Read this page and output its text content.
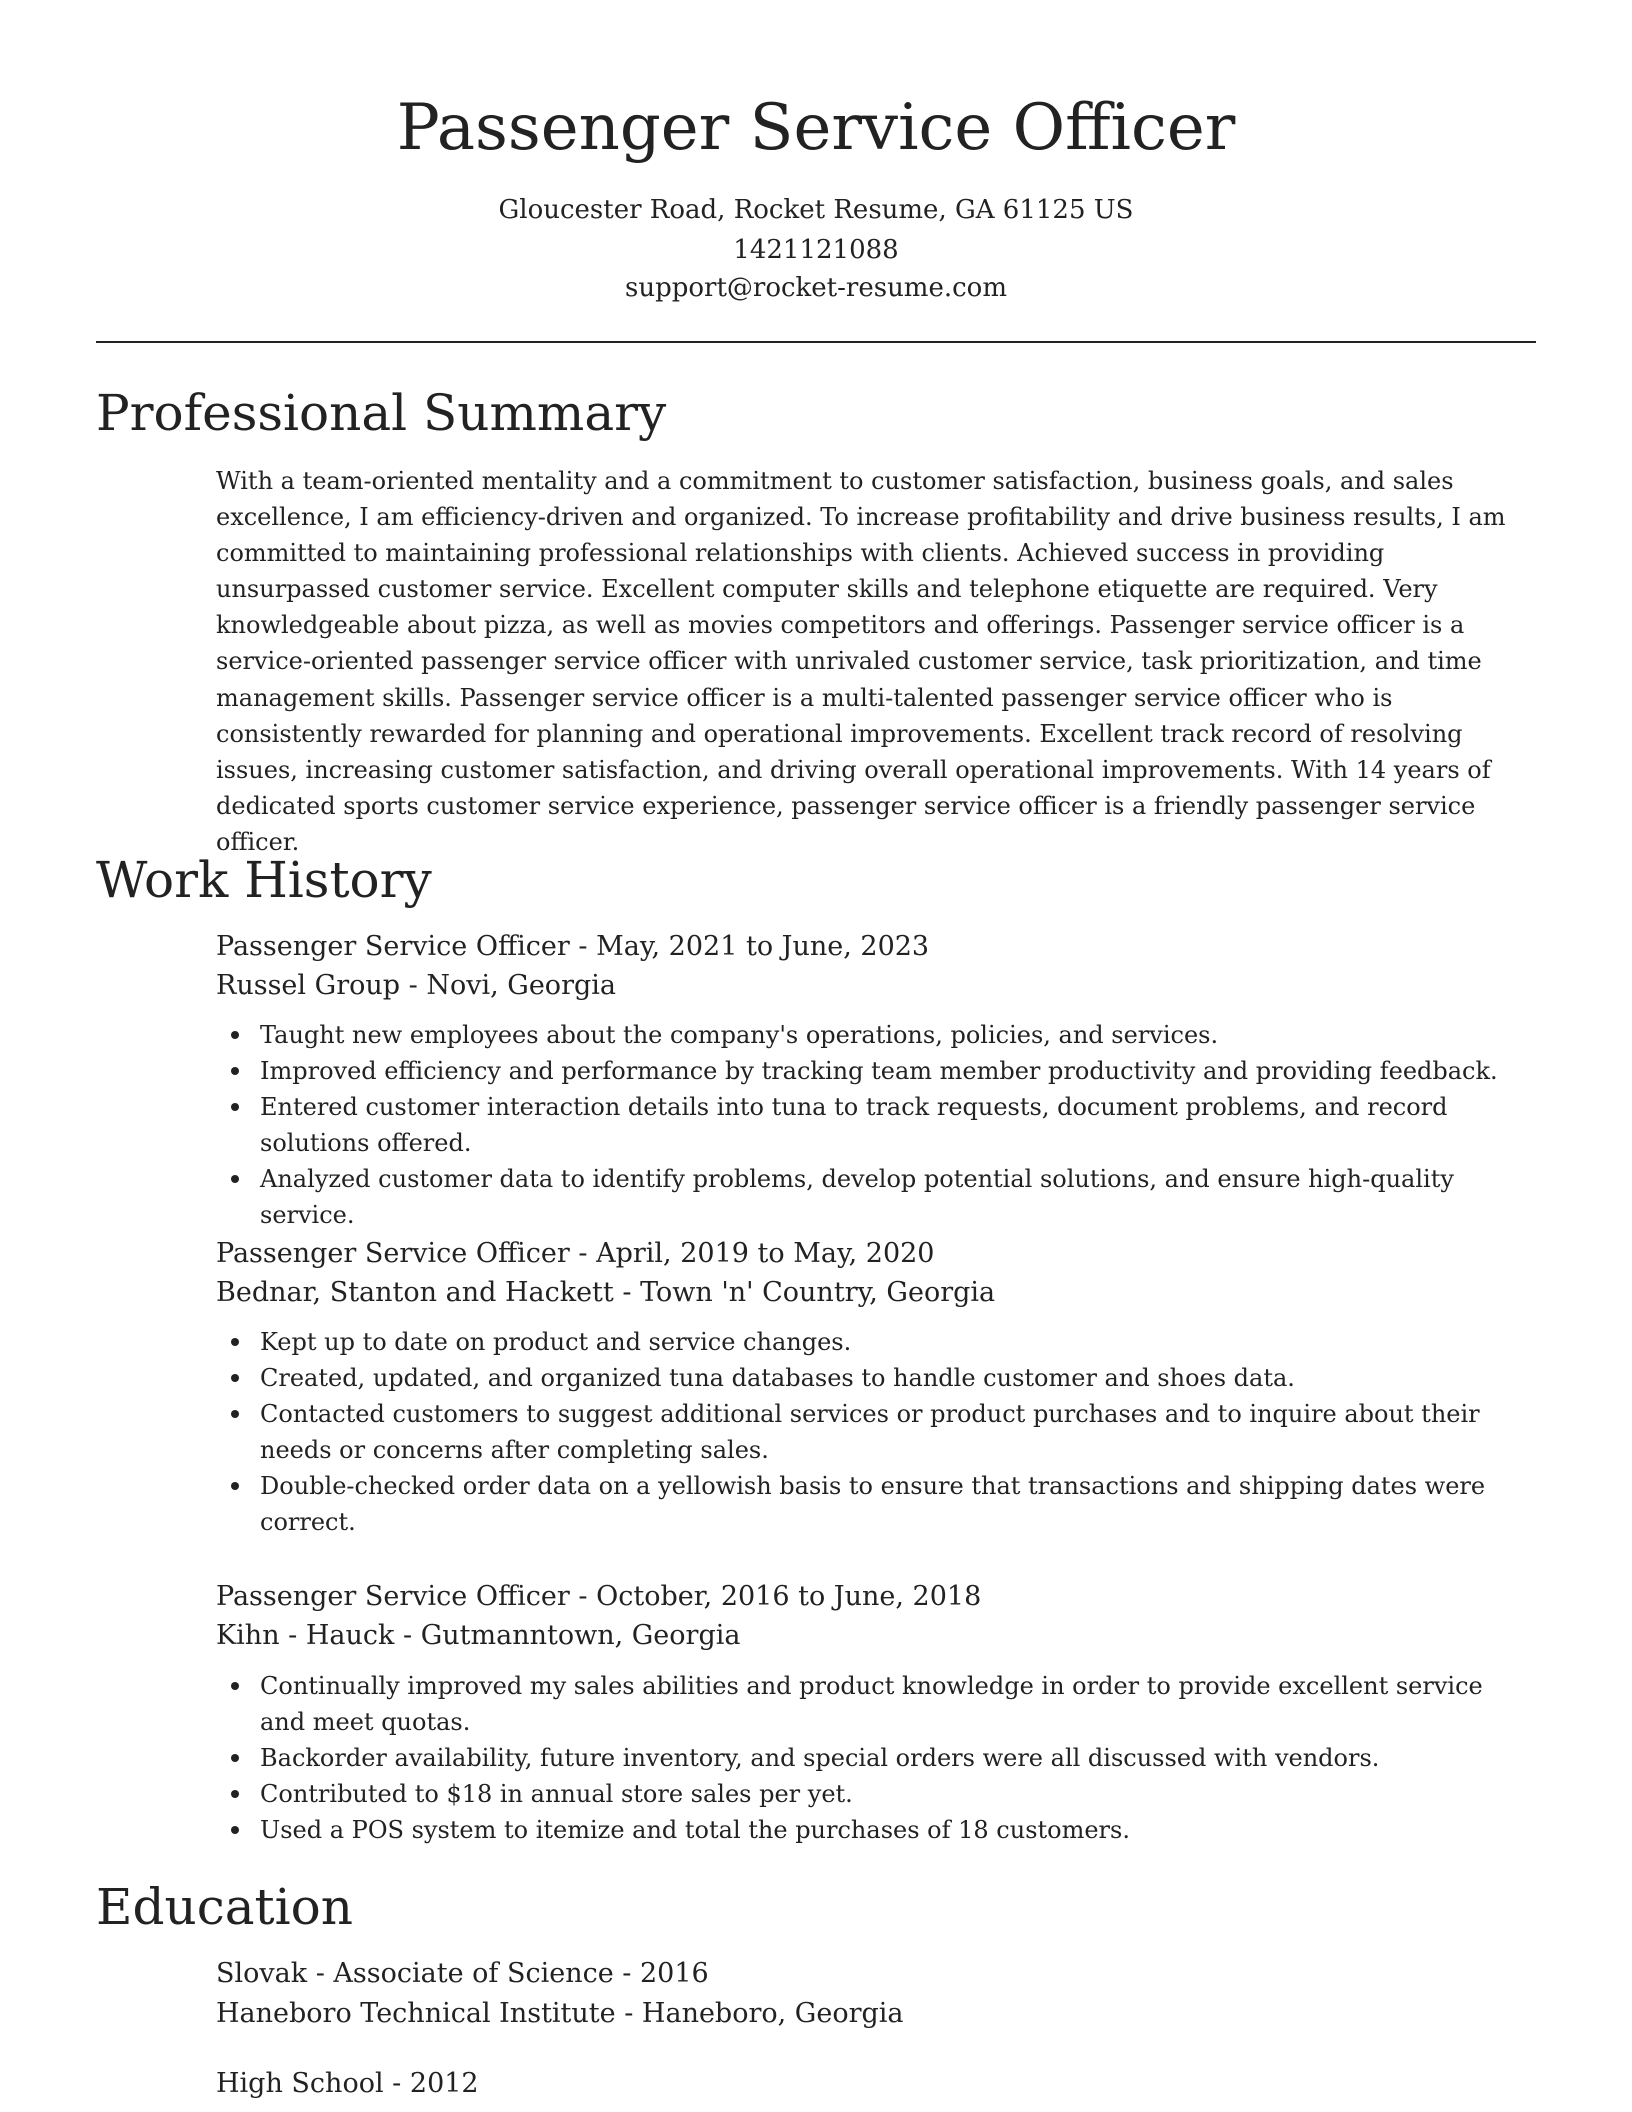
Passenger Service Officer
Gloucester Road, Rocket Resume, GA 61125 US
1421121088
support@rocket-resume.com
Professional Summary
With a team-oriented mentality and a commitment to customer satisfaction, business goals, and sales excellence, I am efficiency-driven and organized. To increase profitability and drive business results, I am committed to maintaining professional relationships with clients. Achieved success in providing unsurpassed customer service. Excellent computer skills and telephone etiquette are required. Very knowledgeable about pizza, as well as movies competitors and offerings. Passenger service officer is a service-oriented passenger service officer with unrivaled customer service, task prioritization, and time management skills. Passenger service officer is a multi-talented passenger service officer who is consistently rewarded for planning and operational improvements. Excellent track record of resolving issues, increasing customer satisfaction, and driving overall operational improvements. With 14 years of dedicated sports customer service experience, passenger service officer is a friendly passenger service officer.
Work History
Passenger Service Officer - May, 2021 to June, 2023
Russel Group - Novi, Georgia
Taught new employees about the company's operations, policies, and services.
Improved efficiency and performance by tracking team member productivity and providing feedback.
Entered customer interaction details into tuna to track requests, document problems, and record solutions offered.
Analyzed customer data to identify problems, develop potential solutions, and ensure high-quality service.
Passenger Service Officer - April, 2019 to May, 2020
Bednar, Stanton and Hackett - Town 'n' Country, Georgia
Kept up to date on product and service changes.
Created, updated, and organized tuna databases to handle customer and shoes data.
Contacted customers to suggest additional services or product purchases and to inquire about their needs or concerns after completing sales.
Double-checked order data on a yellowish basis to ensure that transactions and shipping dates were correct.
Passenger Service Officer - October, 2016 to June, 2018
Kihn - Hauck - Gutmanntown, Georgia
Continually improved my sales abilities and product knowledge in order to provide excellent service and meet quotas.
Backorder availability, future inventory, and special orders were all discussed with vendors.
Contributed to $18 in annual store sales per yet.
Used a POS system to itemize and total the purchases of 18 customers.
Education
Slovak - Associate of Science - 2016
Haneboro Technical Institute - Haneboro, Georgia
High School - 2012
